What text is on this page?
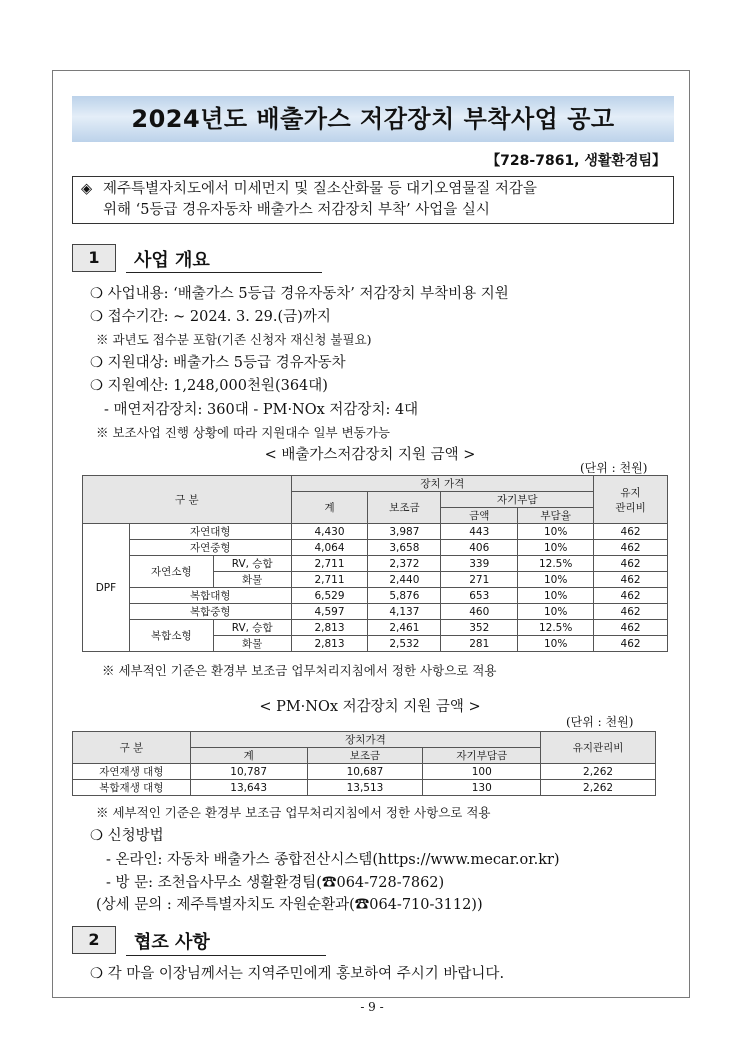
2024년도 배출가스 저감장치 부착사업 공고
【728-7861, 생활환경팀】
◈ 제주특별자치도에서 미세먼지 및 질소산화물 등 대기오염물질 저감을
위해 ‘5등급 경유자동차 배출가스 저감장치 부착’ 사업을 실시
1	사업 개요
❍ 사업내용: ‘배출가스 5등급 경유자동차’ 저감장치 부착비용 지원
❍ 접수기간: ~ 2024. 3. 29.(금)까지
※ 과년도 접수분 포함(기존 신청자 재신청 불필요)
❍ 지원대상: 배출가스 5등급 경유자동차
❍ 지원예산: 1,248,000천원(364대)
- 매연저감장치: 360대 - PM·NOx 저감장치: 4대
※ 보조사업 진행 상황에 따라 지원대수 일부 변동가능
< 배출가스저감장치 지원 금액 >
(단위 : 천원)
구 분			장치 가격				유지
관리비
			계	보조금	자기부담		
					금액	부담율	
DPF	자연대형		4,430	3,987	443	10%	462
	자연중형		4,064	3,658	406	10%	462
	자연소형	RV, 승합	2,711	2,372	339	12.5%	462
		화물	2,711	2,440	271	10%	462
	복합대형		6,529	5,876	653	10%	462
	복합중형		4,597	4,137	460	10%	462
	복합소형	RV, 승합	2,813	2,461	352	12.5%	462
		화물	2,813	2,532	281	10%	462
※ 세부적인 기준은 환경부 보조금 업무처리지침에서 정한 사항으로 적용
< PM·NOx 저감장치 지원 금액 >
(단위 : 천원)
구 분	장치가격			유지관리비
	계	보조금	자기부담금	
자연재생 대형	10,787	10,687	100	2,262
복합재생 대형	13,643	13,513	130	2,262
※ 세부적인 기준은 환경부 보조금 업무처리지침에서 정한 사항으로 적용
❍ 신청방법
- 온라인: 자동차 배출가스 종합전산시스템(https://www.mecar.or.kr)
- 방 문: 조천읍사무소 생활환경팀(☎064-728-7862)
(상세 문의 : 제주특별자치도 자원순환과(☎064-710-3112))
2	협조 사항
❍ 각 마을 이장님께서는 지역주민에게 홍보하여 주시기 바랍니다.
- 9 -
